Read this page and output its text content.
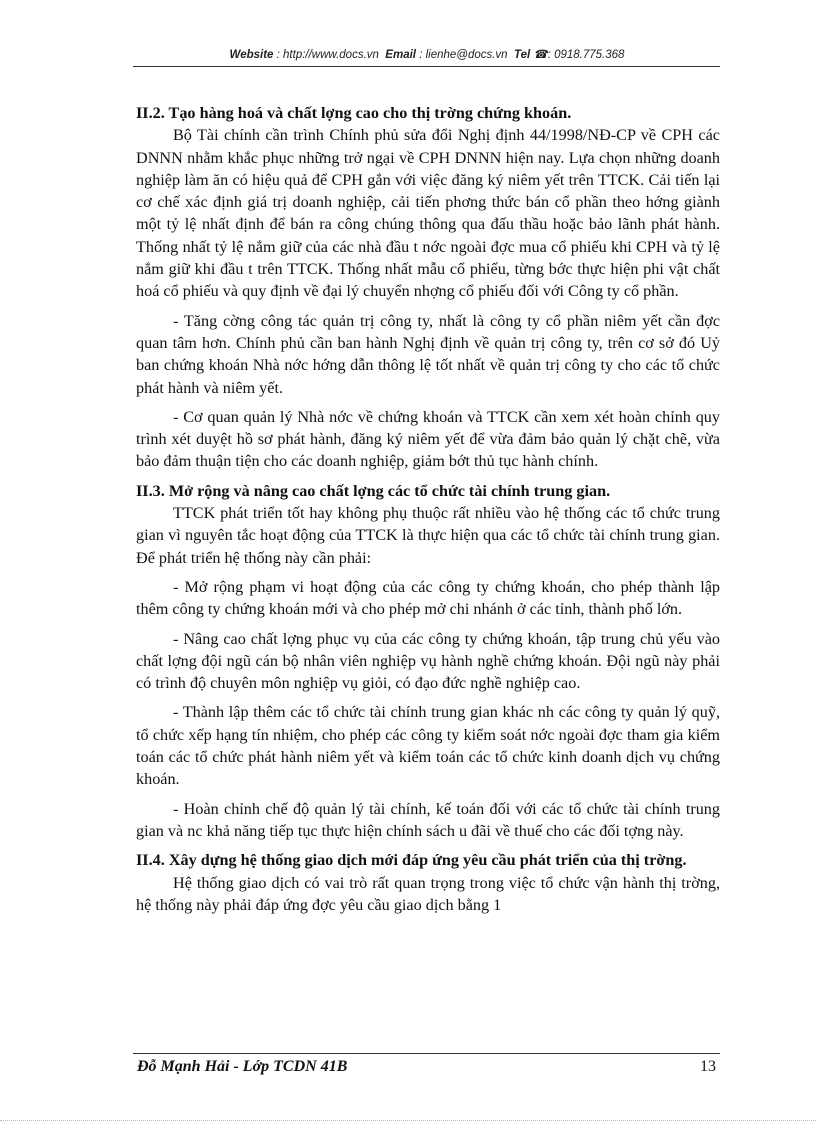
Website : http://www.docs.vn Email : lienhe@docs.vn Tel ☎: 0918.775.368

II.2. Tạo hàng hoá và chất lợng cao cho thị trờng chứng khoán.

Bộ Tài chính cần trình Chính phủ sửa đổi Nghị định 44/1998/NĐ-CP về CPH các DNNN nhằm khắc phục những trở ngại về CPH DNNN hiện nay. Lựa chọn những doanh nghiệp làm ăn có hiệu quả để CPH gắn với việc đăng ký niêm yết trên TTCK. Cải tiến lại cơ chế xác định giá trị doanh nghiệp, cải tiến phơng thức bán cổ phần theo hớng giành một tỷ lệ nhất định để bán ra công chúng thông qua đấu thầu hoặc bảo lãnh phát hành. Thống nhất tỷ lệ nắm giữ của các nhà đầu t nớc ngoài đợc mua cổ phiếu khi CPH và tỷ lệ nắm giữ khi đầu t trên TTCK. Thống nhất mẫu cổ phiếu, từng bớc thực hiện phi vật chất hoá cổ phiếu và quy định về đại lý chuyển nhợng cổ phiếu đối với Công ty cổ phần.

- Tăng cờng công tác quản trị công ty, nhất là công ty cổ phần niêm yết cần đợc quan tâm hơn. Chính phủ cần ban hành Nghị định về quản trị công ty, trên cơ sở đó Uỷ ban chứng khoán Nhà nớc hớng dẫn thông lệ tốt nhất về quản trị công ty cho các tổ chức phát hành và niêm yết.

- Cơ quan quản lý Nhà nớc về chứng khoán và TTCK cần xem xét hoàn chỉnh quy trình xét duyệt hồ sơ phát hành, đăng ký niêm yết để vừa đảm bảo quản lý chặt chẽ, vừa bảo đảm thuận tiện cho các doanh nghiệp, giảm bớt thủ tục hành chính.

II.3. Mở rộng và nâng cao chất lợng các tổ chức tài chính trung gian.

TTCK phát triển tốt hay không phụ thuộc rất nhiều vào hệ thống các tổ chức trung gian vì nguyên tắc hoạt động của TTCK là thực hiện qua các tổ chức tài chính trung gian. Để phát triển hệ thống này cần phải:

- Mở rộng phạm vi hoạt động của các công ty chứng khoán, cho phép thành lập thêm công ty chứng khoán mới và cho phép mở chi nhánh ở các tỉnh, thành phố lớn.

- Nâng cao chất lợng phục vụ của các công ty chứng khoán, tập trung chủ yếu vào chất lợng đội ngũ cán bộ nhân viên nghiệp vụ hành nghề chứng khoán. Đội ngũ này phải có trình độ chuyên môn nghiệp vụ giỏi, có đạo đức nghề nghiệp cao.

- Thành lập thêm các tổ chức tài chính trung gian khác nh các công ty quản lý quỹ, tổ chức xếp hạng tín nhiệm, cho phép các công ty kiểm soát nớc ngoài đợc tham gia kiểm toán các tổ chức phát hành niêm yết và kiểm toán các tổ chức kinh doanh dịch vụ chứng khoán.

- Hoàn chỉnh chế độ quản lý tài chính, kế toán đối với các tổ chức tài chính trung gian và nc khả năng tiếp tục thực hiện chính sách u đãi về thuế cho các đối tợng này.

II.4. Xây dựng hệ thống giao dịch mới đáp ứng yêu cầu phát triển của thị trờng.

Hệ thống giao dịch có vai trò rất quan trọng trong việc tổ chức vận hành thị trờng, hệ thống này phải đáp ứng đợc yêu cầu giao dịch bằng 1

Đỗ Mạnh Hải - Lớp TCDN 41B	13
